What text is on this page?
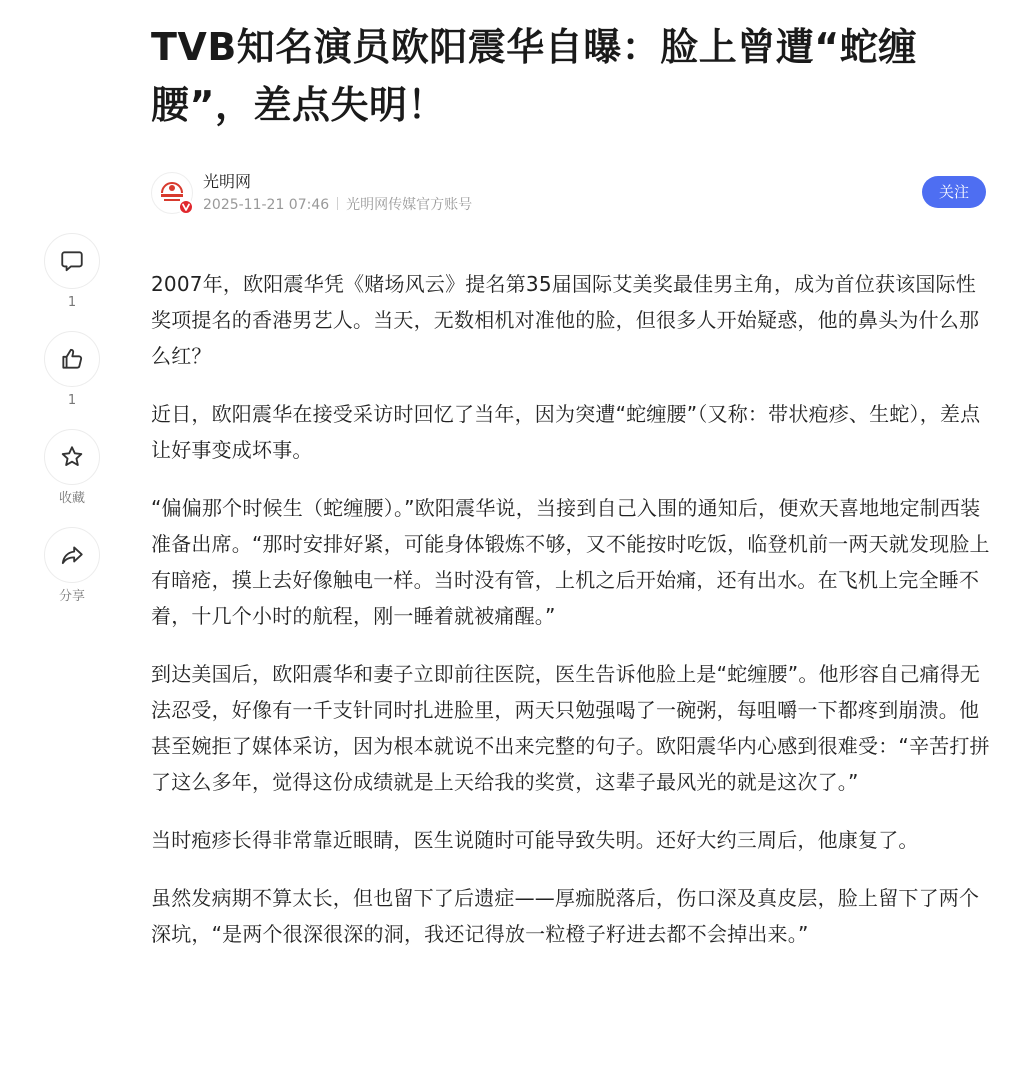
TVB知名演员欧阳震华自曝：脸上曾遭“蛇缠腰”，差点失明！
光明网
2025-11-21 07:46 光明网传媒官方账号
关注
1
1
收藏
分享

2007年，欧阳震华凭《赌场风云》提名第35届国际艾美奖最佳男主角，成为首位获该国际性奖项提名的香港男艺人。当天，无数相机对准他的脸，但很多人开始疑惑，他的鼻头为什么那么红？

近日，欧阳震华在接受采访时回忆了当年，因为突遭“蛇缠腰”（又称：带状疱疹、生蛇），差点让好事变成坏事。

“偏偏那个时候生（蛇缠腰）。”欧阳震华说，当接到自己入围的通知后，便欢天喜地地定制西装准备出席。“那时安排好紧，可能身体锻炼不够，又不能按时吃饭，临登机前一两天就发现脸上有暗疮，摸上去好像触电一样。当时没有管，上机之后开始痛，还有出水。在飞机上完全睡不着，十几个小时的航程，刚一睡着就被痛醒。”

到达美国后，欧阳震华和妻子立即前往医院，医生告诉他脸上是“蛇缠腰”。他形容自己痛得无法忍受，好像有一千支针同时扎进脸里，两天只勉强喝了一碗粥，每咀嚼一下都疼到崩溃。他甚至婉拒了媒体采访，因为根本就说不出来完整的句子。欧阳震华内心感到很难受：“辛苦打拼了这么多年，觉得这份成绩就是上天给我的奖赏，这辈子最风光的就是这次了。”

当时疱疹长得非常靠近眼睛，医生说随时可能导致失明。还好大约三周后，他康复了。

虽然发病期不算太长，但也留下了后遗症——厚痂脱落后，伤口深及真皮层，脸上留下了两个深坑，“是两个很深很深的洞，我还记得放一粒橙子籽进去都不会掉出来。”
